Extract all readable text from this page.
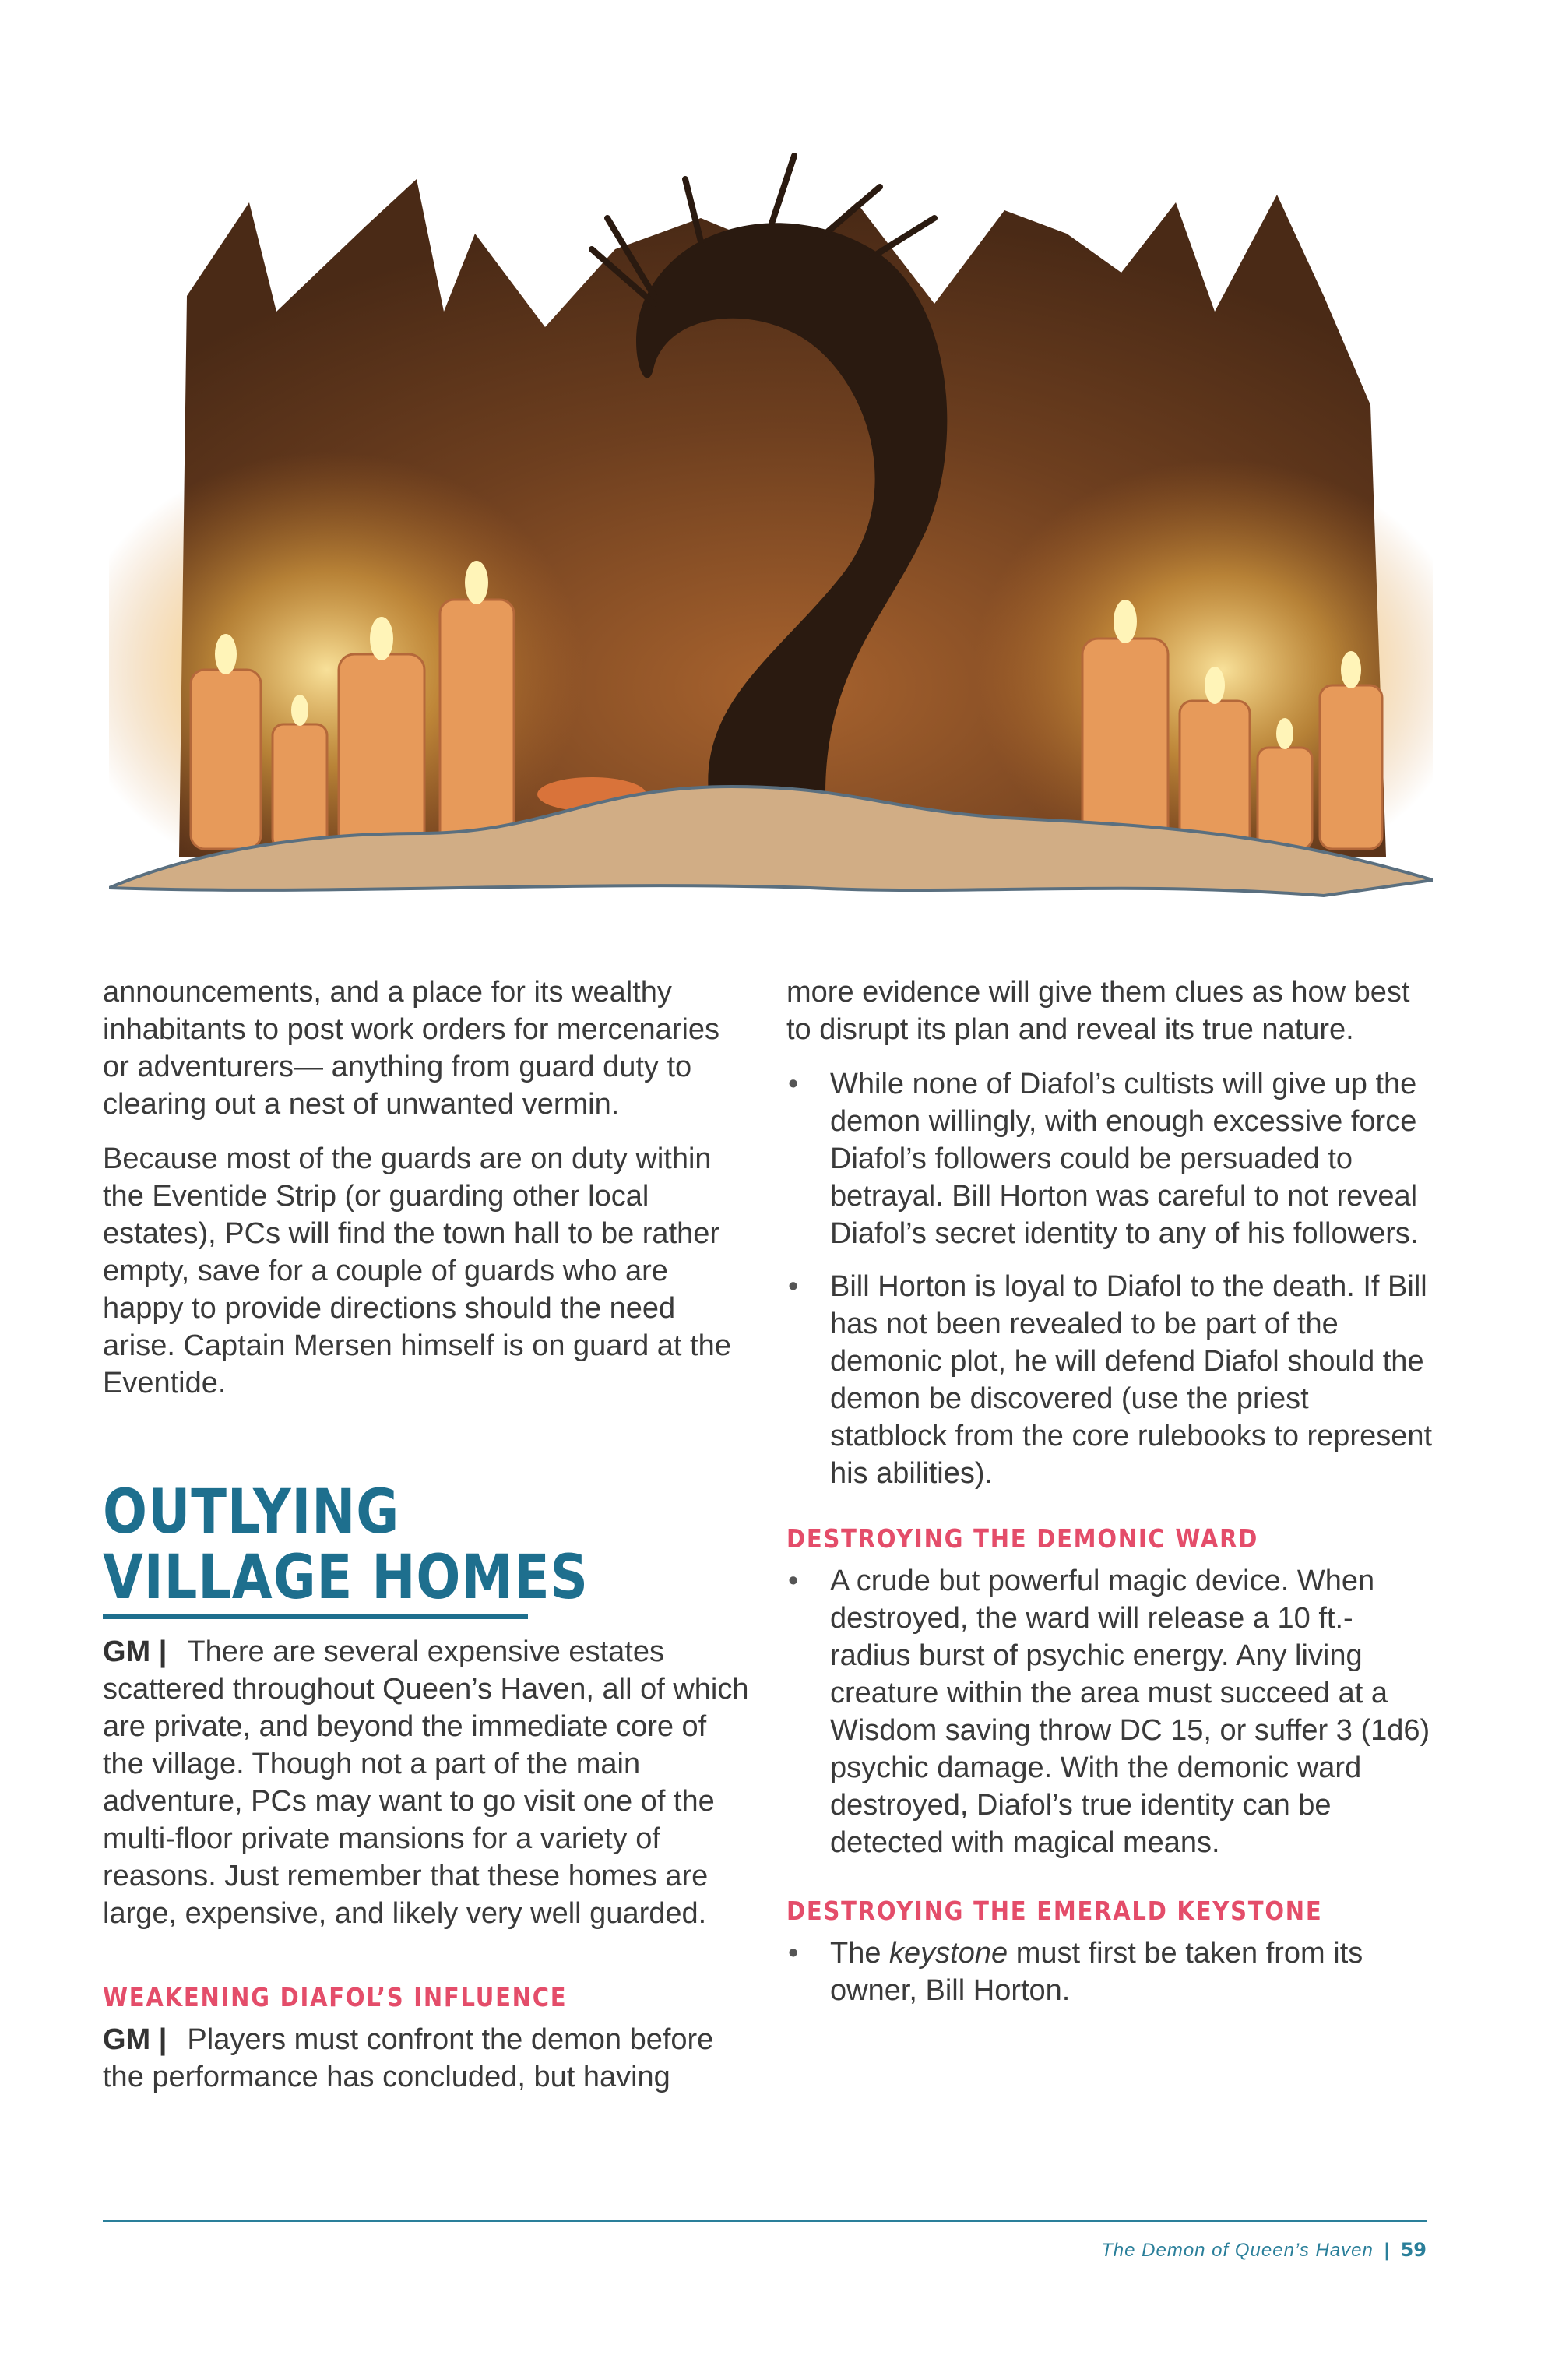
announcements, and a place for its wealthy inhabitants to post work orders for mercenaries or adventurers— anything from guard duty to clearing out a nest of unwanted vermin.

Because most of the guards are on duty within the Eventide Strip (or guarding other local estates), PCs will find the town hall to be rather empty, save for a couple of guards who are happy to provide directions should the need arise. Captain Mersen himself is on guard at the Eventide.

OUTLYING
VILLAGE HOMES

GM | There are several expensive estates scattered throughout Queen’s Haven, all of which are private, and beyond the immediate core of the village. Though not a part of the main adventure, PCs may want to go visit one of the multi-floor private mansions for a variety of reasons. Just remember that these homes are large, expensive, and likely very well guarded.

WEAKENING DIAFOL’S INFLUENCE

GM | Players must confront the demon before the performance has concluded, but having

more evidence will give them clues as how best to disrupt its plan and reveal its true nature.

• While none of Diafol’s cultists will give up the demon willingly, with enough excessive force Diafol’s followers could be persuaded to betrayal. Bill Horton was careful to not reveal Diafol’s secret identity to any of his followers.
• Bill Horton is loyal to Diafol to the death. If Bill has not been revealed to be part of the demonic plot, he will defend Diafol should the demon be discovered (use the priest statblock from the core rulebooks to represent his abilities).
DESTROYING THE DEMONIC WARD
• A crude but powerful magic device. When destroyed, the ward will release a 10 ft.-radius burst of psychic energy. Any living creature within the area must succeed at a Wisdom saving throw DC 15, or suffer 3 (1d6) psychic damage. With the demonic ward destroyed, Diafol’s true identity can be detected with magical means.
DESTROYING THE EMERALD KEYSTONE
• The keystone must first be taken from its owner, Bill Horton.
The Demon of Queen’s Haven | 59
